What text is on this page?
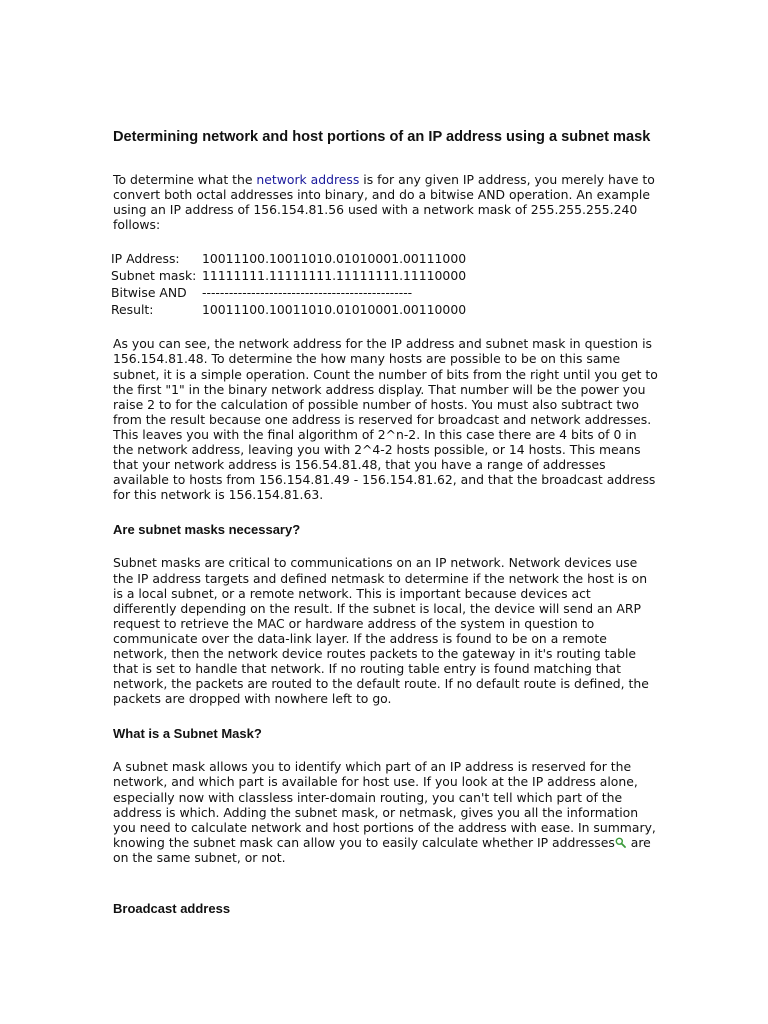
Determining network and host portions of an IP address using a subnet mask

To determine what the network address is for any given IP address, you merely have to convert both octal addresses into binary, and do a bitwise AND operation. An example using an IP address of 156.154.81.56 used with a network mask of 255.255.255.240 follows:

IP Address:	10011100.10011010.01010001.00111000
Subnet mask:	11111111.11111111.11111111.11110000
Bitwise AND	-----------------------------------------------
Result:	10011100.10011010.01010001.00110000

As you can see, the network address for the IP address and subnet mask in question is 156.154.81.48. To determine the how many hosts are possible to be on this same subnet, it is a simple operation. Count the number of bits from the right until you get to the first "1" in the binary network address display. That number will be the power you raise 2 to for the calculation of possible number of hosts. You must also subtract two from the result because one address is reserved for broadcast and network addresses. This leaves you with the final algorithm of 2^n-2. In this case there are 4 bits of 0 in the network address, leaving you with 2^4-2 hosts possible, or 14 hosts. This means that your network address is 156.54.81.48, that you have a range of addresses available to hosts from 156.154.81.49 - 156.154.81.62, and that the broadcast address for this network is 156.154.81.63.

Are subnet masks necessary?

Subnet masks are critical to communications on an IP network. Network devices use the IP address targets and defined netmask to determine if the network the host is on is a local subnet, or a remote network. This is important because devices act differently depending on the result. If the subnet is local, the device will send an ARP request to retrieve the MAC or hardware address of the system in question to communicate over the data-link layer. If the address is found to be on a remote network, then the network device routes packets to the gateway in it's routing table that is set to handle that network. If no routing table entry is found matching that network, the packets are routed to the default route. If no default route is defined, the packets are dropped with nowhere left to go.

What is a Subnet Mask?

A subnet mask allows you to identify which part of an IP address is reserved for the network, and which part is available for host use. If you look at the IP address alone, especially now with classless inter-domain routing, you can't tell which part of the address is which. Adding the subnet mask, or netmask, gives you all the information you need to calculate network and host portions of the address with ease. In summary, knowing the subnet mask can allow you to easily calculate whether IP addresses are on the same subnet, or not.

Broadcast address
